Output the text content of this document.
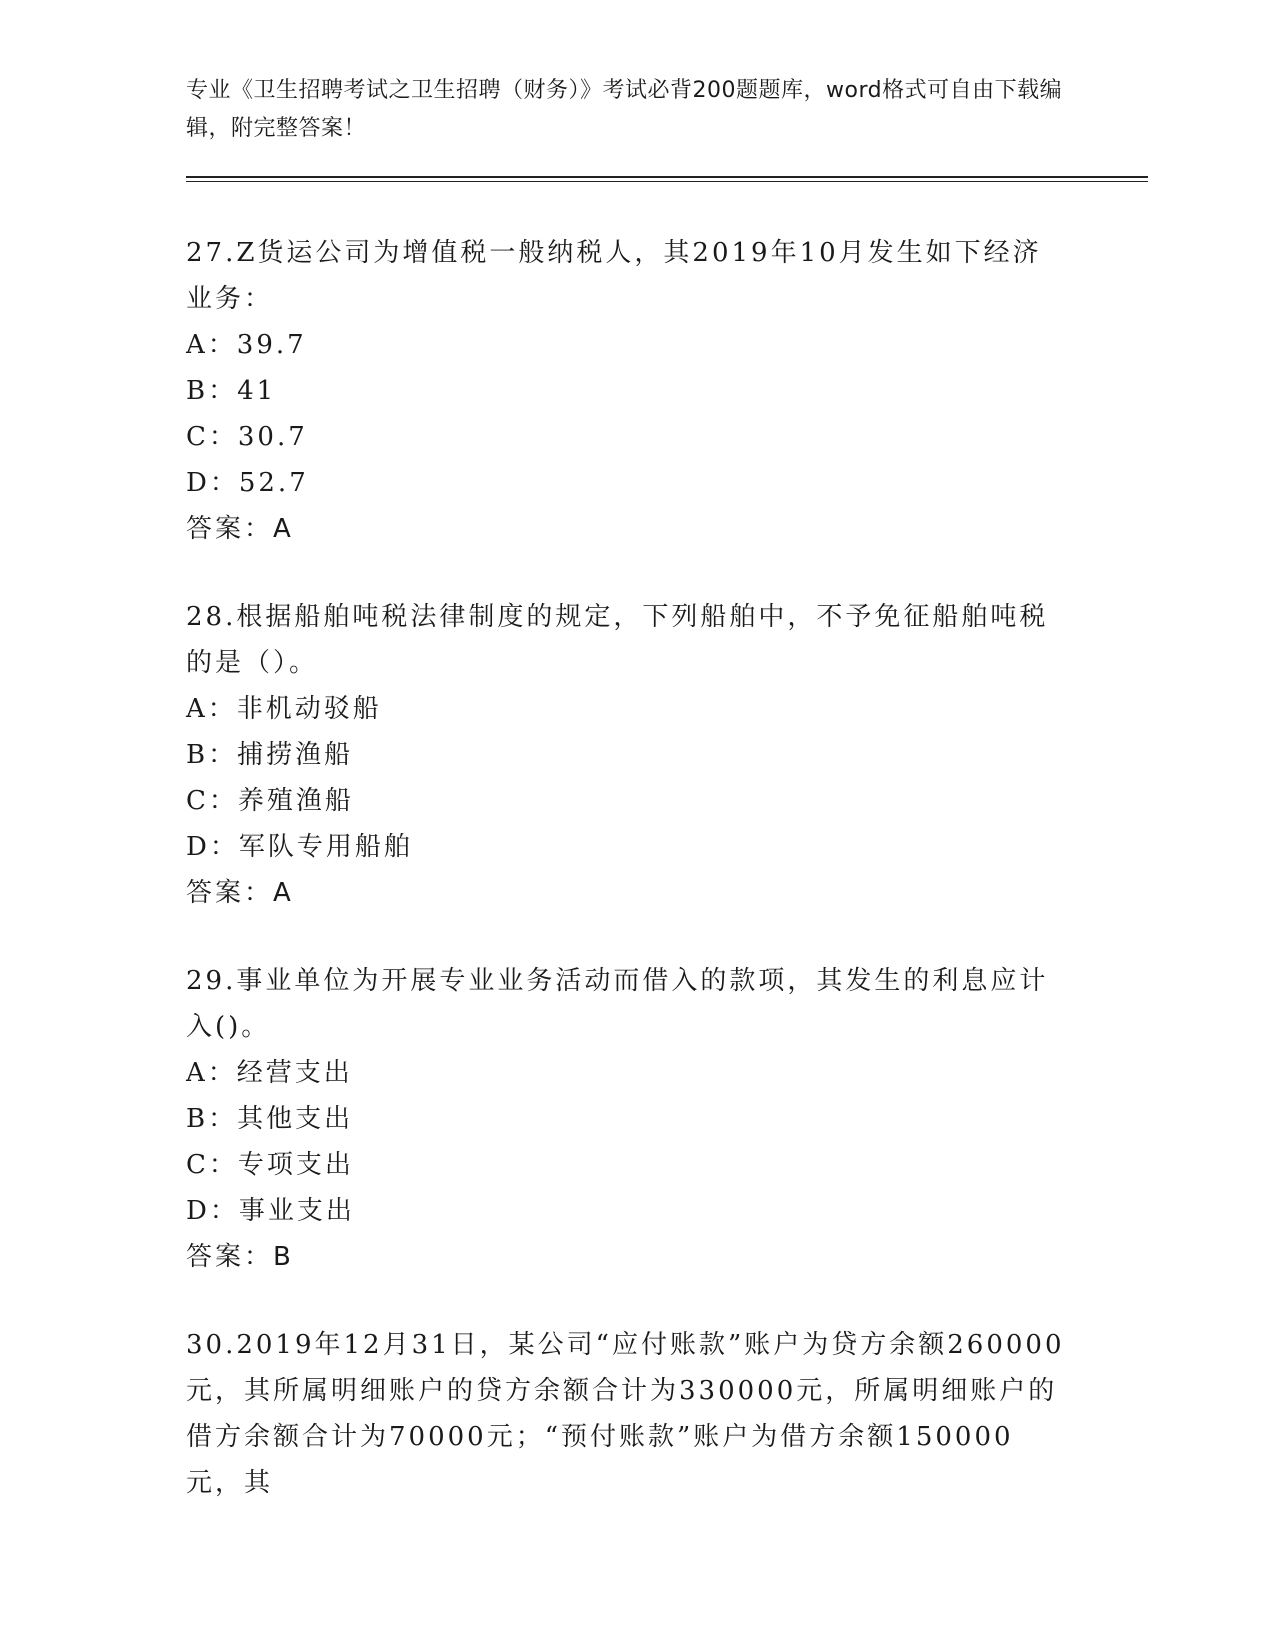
专业《卫生招聘考试之卫生招聘（财务）》考试必背200题题库，word格式可自由下载编辑，附完整答案！
27.Z货运公司为增值税一般纳税人，其2019年10月发生如下经济业务：
A：39.7
B：41
C：30.7
D：52.7
答案：A
28.根据船舶吨税法律制度的规定，下列船舶中，不予免征船舶吨税的是（）。
A：非机动驳船
B：捕捞渔船
C：养殖渔船
D：军队专用船舶
答案：A
29.事业单位为开展专业业务活动而借入的款项，其发生的利息应计入()。
A：经营支出
B：其他支出
C：专项支出
D：事业支出
答案：B
30.2019年12月31日，某公司“应付账款”账户为贷方余额260000元，其所属明细账户的贷方余额合计为330000元，所属明细账户的借方余额合计为70000元；“预付账款”账户为借方余额150000元，其
